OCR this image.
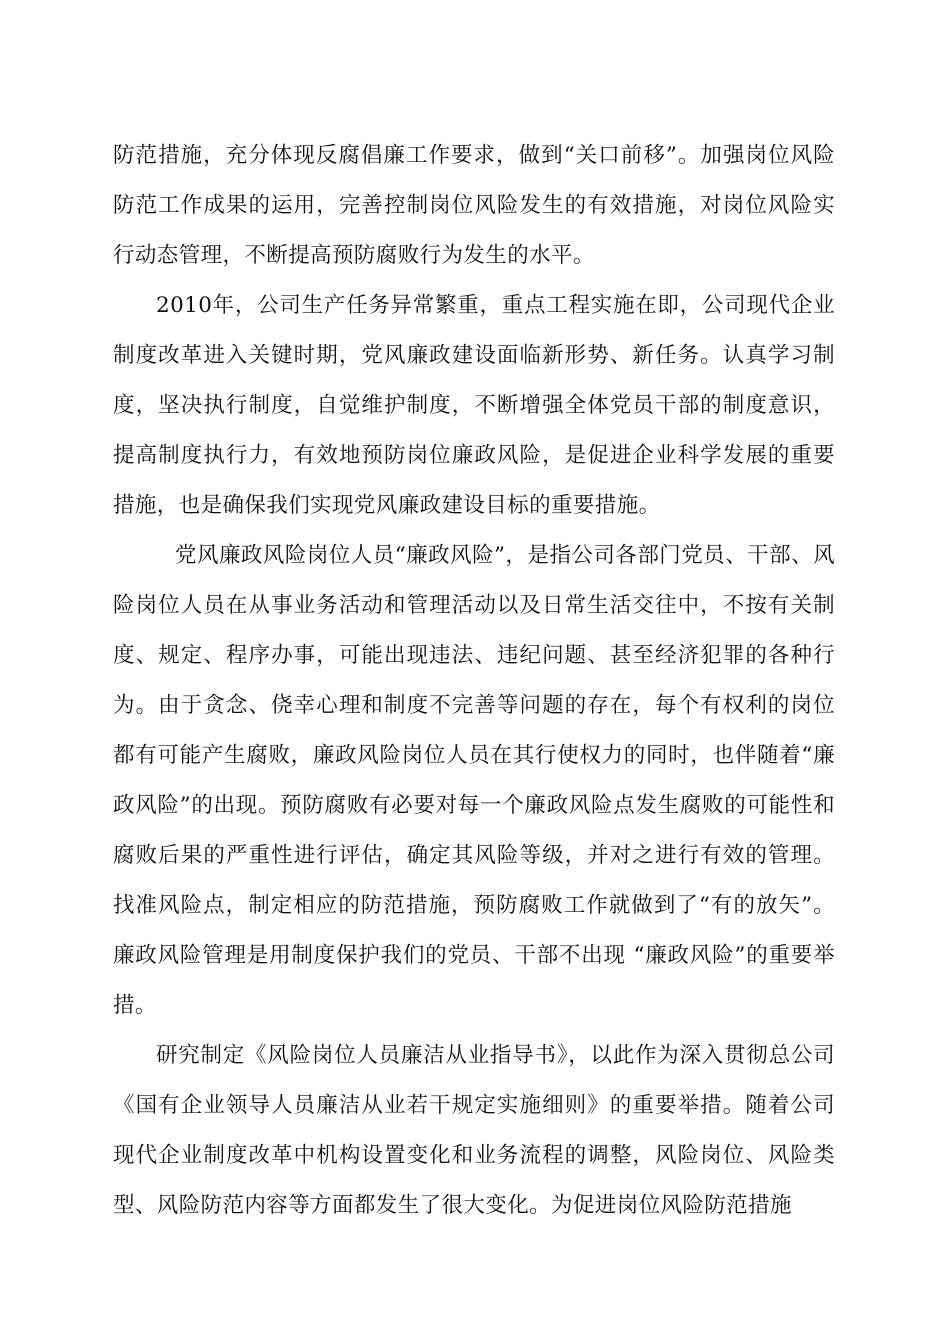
防范措施，充分体现反腐倡廉工作要求，做到“关口前移”。加强岗位风险防范工作成果的运用，完善控制岗位风险发生的有效措施，对岗位风险实行动态管理，不断提高预防腐败行为发生的水平。

2010年，公司生产任务异常繁重，重点工程实施在即，公司现代企业制度改革进入关键时期，党风廉政建设面临新形势、新任务。认真学习制度，坚决执行制度，自觉维护制度，不断增强全体党员干部的制度意识，提高制度执行力，有效地预防岗位廉政风险，是促进企业科学发展的重要措施，也是确保我们实现党风廉政建设目标的重要措施。

党风廉政风险岗位人员“廉政风险”，是指公司各部门党员、干部、风险岗位人员在从事业务活动和管理活动以及日常生活交往中，不按有关制度、规定、程序办事，可能出现违法、违纪问题、甚至经济犯罪的各种行为。由于贪念、侥幸心理和制度不完善等问题的存在，每个有权利的岗位都有可能产生腐败，廉政风险岗位人员在其行使权力的同时，也伴随着“廉政风险”的出现。预防腐败有必要对每一个廉政风险点发生腐败的可能性和腐败后果的严重性进行评估，确定其风险等级，并对之进行有效的管理。找准风险点，制定相应的防范措施，预防腐败工作就做到了“有的放矢”。廉政风险管理是用制度保护我们的党员、干部不出现 “廉政风险”的重要举措。

研究制定《风险岗位人员廉洁从业指导书》，以此作为深入贯彻总公司《国有企业领导人员廉洁从业若干规定实施细则》的重要举措。随着公司现代企业制度改革中机构设置变化和业务流程的调整，风险岗位、风险类型、风险防范内容等方面都发生了很大变化。为促进岗位风险防范措施
